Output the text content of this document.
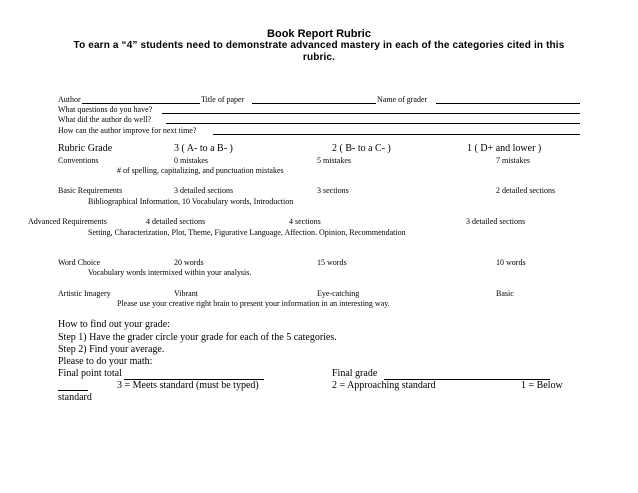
Book Report Rubric
To earn a “4” students need to demonstrate advanced mastery in each of the categories cited in this
rubric.
Author	Title of paper	Name of grader
What questions do you have?
What did the author do well?
How can the author improve for next time?
Rubric Grade	3 ( A- to a B- )	2 ( B- to a C- )	1 ( D+ and lower )
Conventions	0 mistakes	5 mistakes	7 mistakes
# of spelling, capitalizing, and punctuation mistakes
Basic Requirements	3 detailed sections	3 sections	2 detailed sections
Bibliographical Information, 10 Vocabulary words, Introduction
Advanced Requirements	4 detailed sections	4 sections	3 detailed sections
Setting, Characterization, Plot, Theme, Figurative Language, Affection. Opinion, Recommendation
Word Choice	20 words	15 words	10 words
Vocabulary words intermixed within your analysis.
Artistic Imagery	Vibrant	Eye-catching	Basic
Please use your creative right brain to present your information in an interesting way.
How to find out your grade:
Step 1) Have the grader circle your grade for each of the 5 categories.
Step 2) Find your average.
Please to do your math:
Final point total	Final grade
3 = Meets standard (must be typed)	2 = Approaching standard	1 = Below
standard
